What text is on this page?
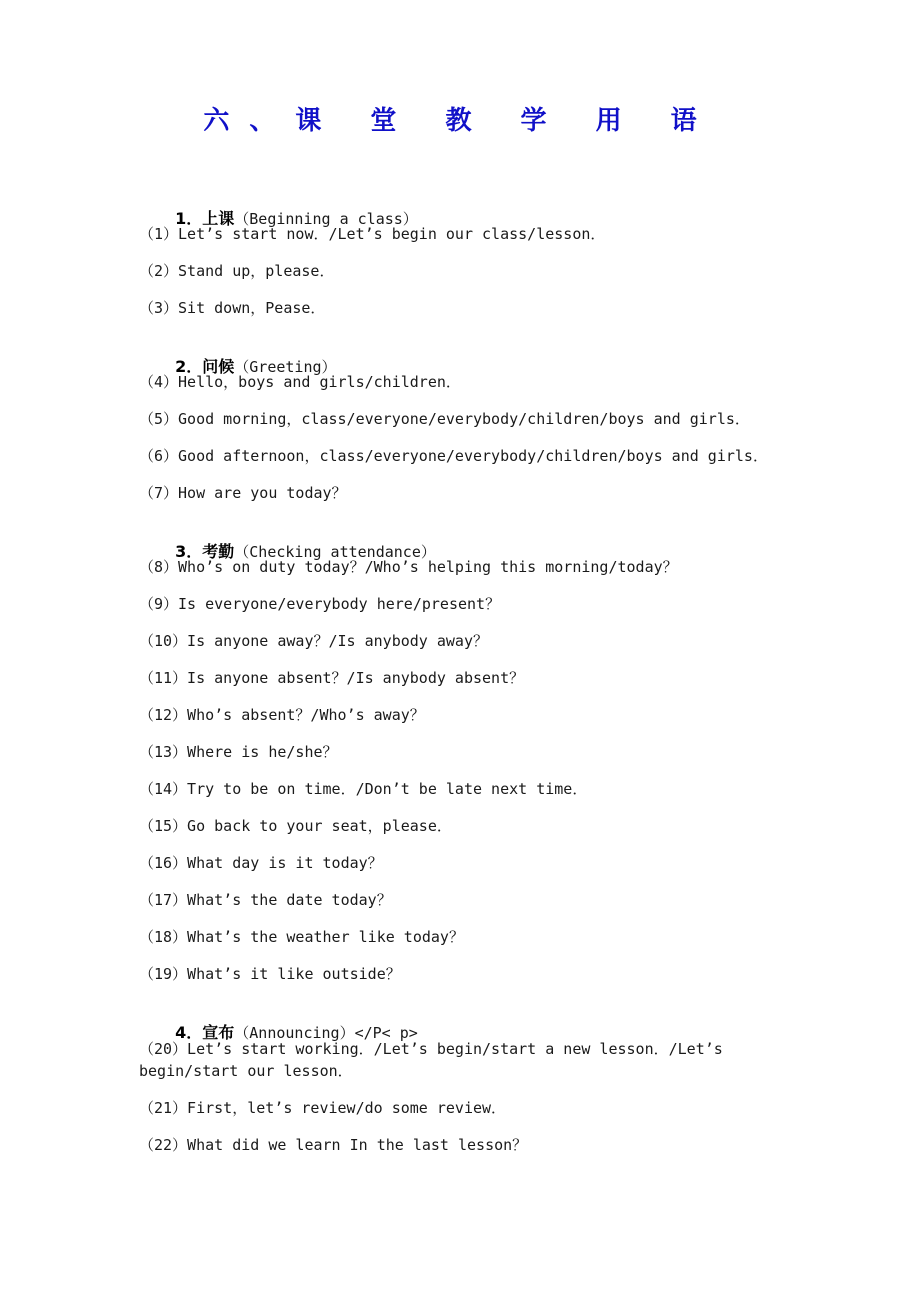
六、课 堂 教 学 用 语

1．上课（Beginning a class）

（1）Let’s start now．/Let’s begin our class/lesson．
（2）Stand up，please．
（3）Sit down，Pease．

2．问候（Greeting）

（4）Hello，boys and girls/children．
（5）Good morning，class/everyone/everybody/children/boys and girls．
（6）Good afternoon，class/everyone/everybody/children/boys and girls．
（7）How are you today？

3．考勤（Checking attendance）

（8）Who’s on duty today？/Who’s helping this morning/today？
（9）Is everyone/everybody here/present？
（10）Is anyone away？/Is anybody away？
（11）Is anyone absent？/Is anybody absent？
（12）Who’s absent？/Who’s away？
（13）Where is he/she？
（14）Try to be on time．/Don’t be late next time．
（15）Go back to your seat，please．
（16）What day is it today？
（17）What’s the date today？
（18）What’s the weather like today？
（19）What’s it like outside？

4．宣布（Announcing）</P< p>

（20）Let’s start working．/Let’s begin/start a new lesson．/Let’s begin/start our lesson．
（21）First，let’s review/do some review．
（22）What did we learn In the last lesson？
